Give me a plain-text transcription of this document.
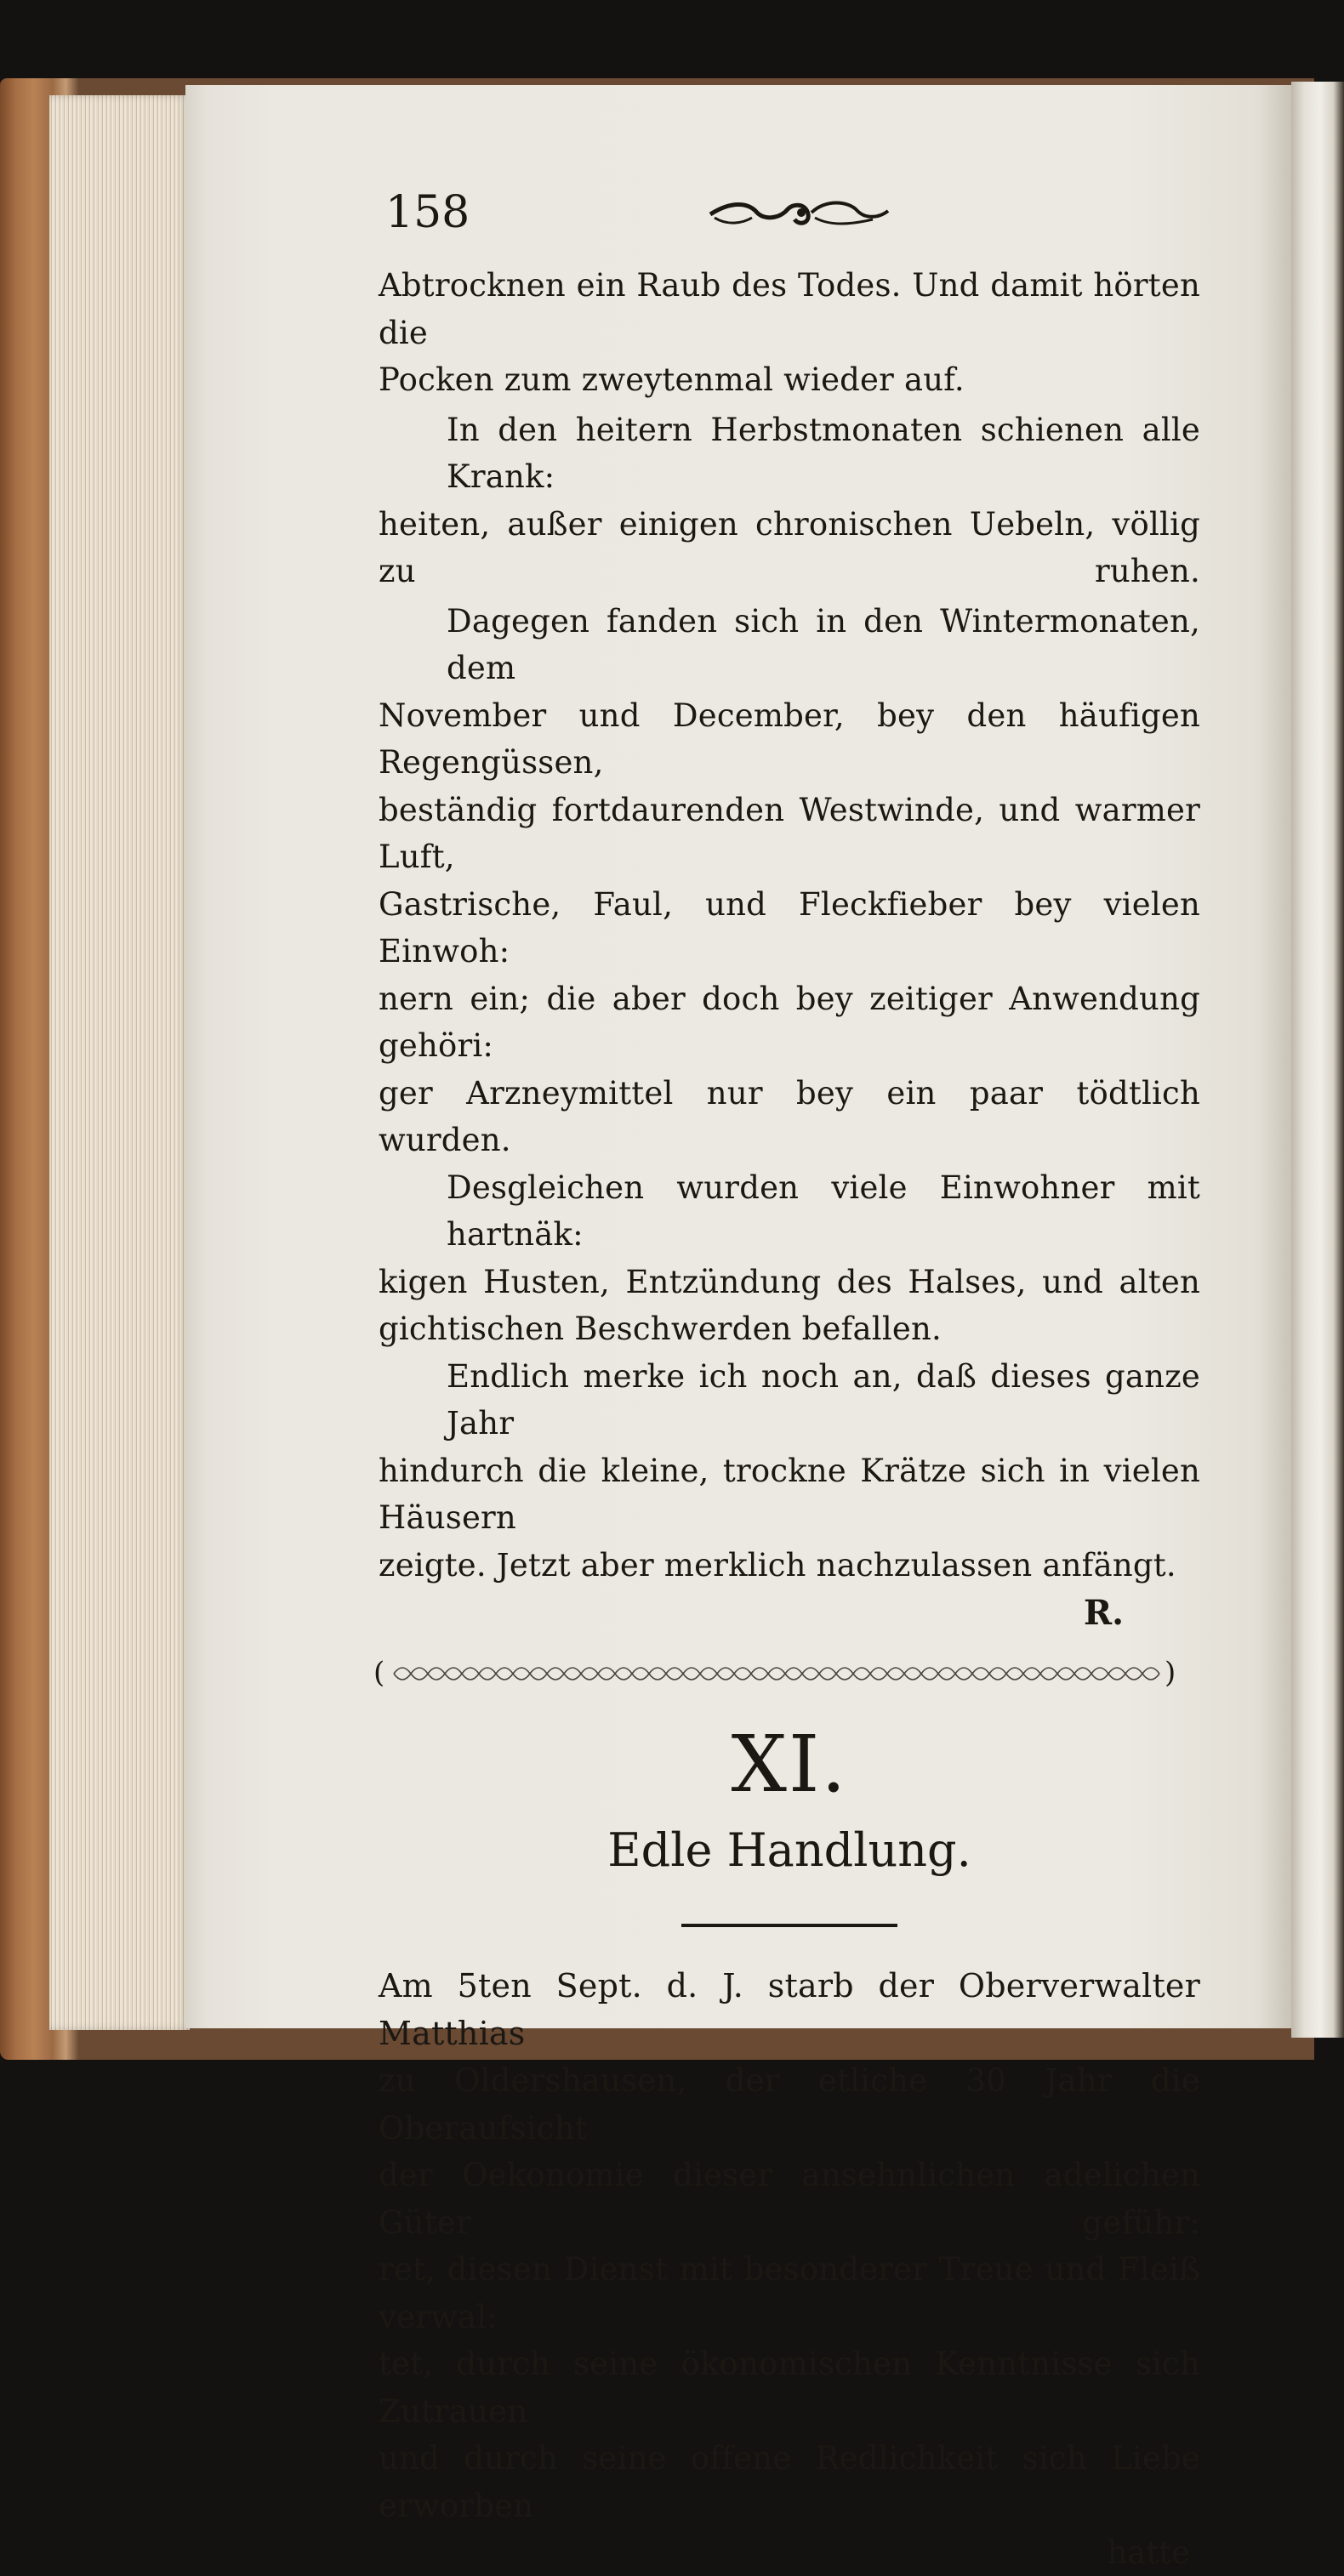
158

Abtrocknen ein Raub des Todes. Und damit hörten die
Pocken zum zweytenmal wieder auf.

In den heitern Herbstmonaten schienen alle Krank:
heiten, außer einigen chronischen Uebeln, völlig zu ruhen.

Dagegen fanden sich in den Wintermonaten, dem
November und December, bey den häufigen Regengüssen,
beständig fortdaurenden Westwinde, und warmer Luft,
Gastrische, Faul, und Fleckfieber bey vielen Einwoh:
nern ein; die aber doch bey zeitiger Anwendung gehöri:
ger Arzneymittel nur bey ein paar tödtlich wurden.

Desgleichen wurden viele Einwohner mit hartnäk:
kigen Husten, Entzündung des Halses, und alten
gichtischen Beschwerden befallen.

Endlich merke ich noch an, daß dieses ganze Jahr
hindurch die kleine, trockne Krätze sich in vielen Häusern
zeigte. Jetzt aber merklich nachzulassen anfängt.

R.
(	)
XI.
Edle Handlung.

Am 5ten Sept. d. J. starb der Oberverwalter Matthias
zu Oldershausen, der etliche 30 Jahr die Oberaufsicht
der Oekonomie dieser ansehnlichen adelichen Güter geführ:
ret, diesen Dienst mit besonderer Treue und Fleiß verwal:
tet, durch seine ökonomischen Kenntnisse sich Zutrauen
und durch seine offene Redlichkeit sich Liebe erworben

hatte
